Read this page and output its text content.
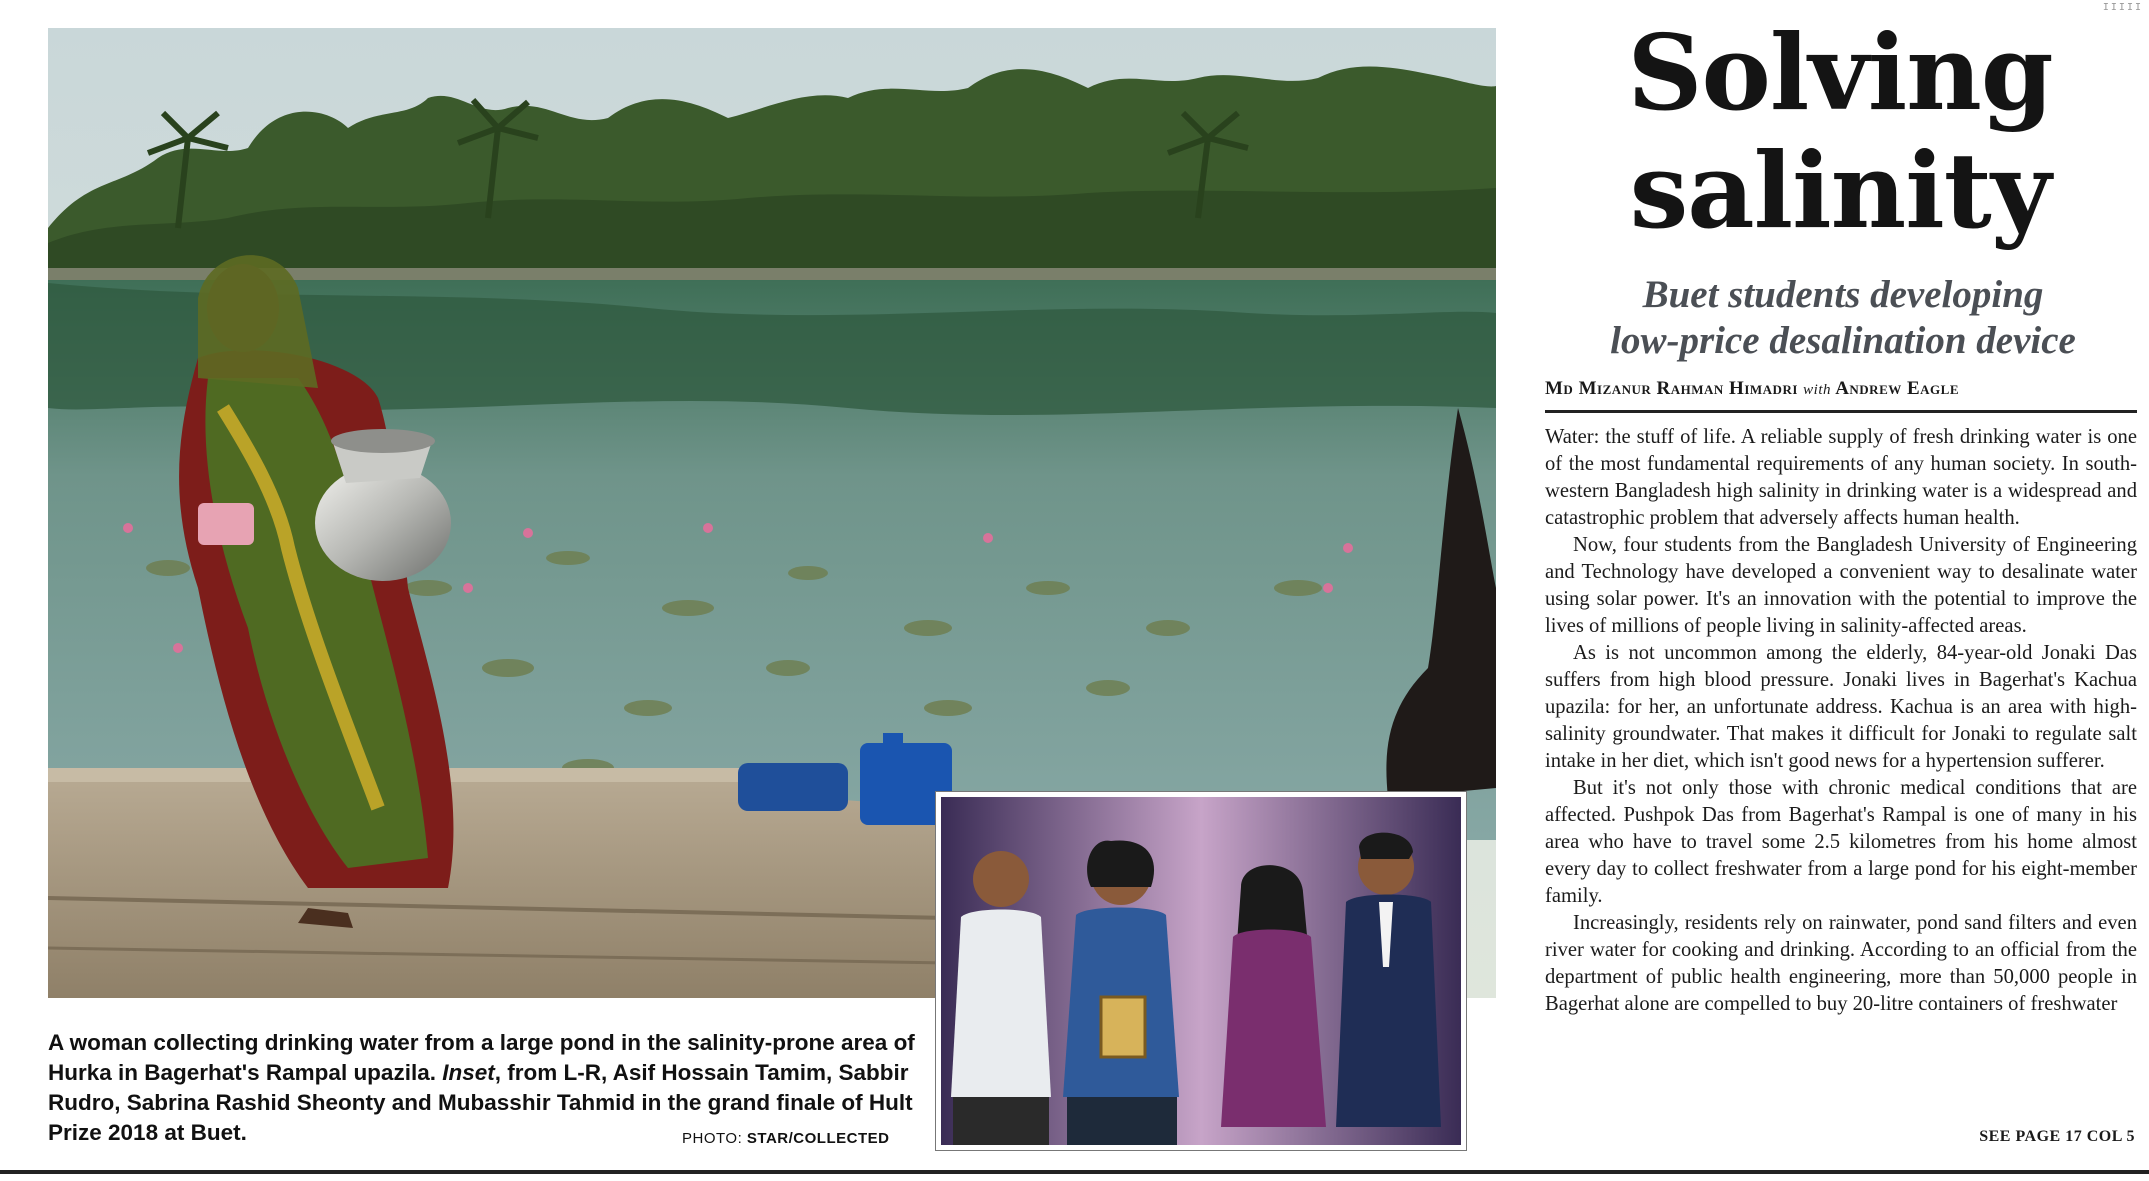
IIIII
A woman collecting drinking water from a large pond in the salinity-prone area of Hurka in Bagerhat's Rampal upazila. Inset, from L-R, Asif Hossain Tamim, Sabbir Rudro, Sabrina Rashid Sheonty and Mubasshir Tahmid in the grand finale of Hult Prize 2018 at Buet.	PHOTO: STAR/COLLECTED
Solving
salinity
Buet students developing
low-price desalination device
Md Mizanur Rahman Himadri with Andrew Eagle

Water: the stuff of life. A reliable supply of fresh drinking water is one of the most fundamental requirements of any human society. In south-western Bangladesh high salinity in drinking water is a widespread and catastrophic problem that adversely affects human health.

Now, four students from the Bangladesh University of Engineering and Technology have developed a convenient way to desalinate water using solar power. It's an innovation with the potential to improve the lives of millions of people living in salinity-affected areas.

As is not uncommon among the elderly, 84-year-old Jonaki Das suffers from high blood pressure. Jonaki lives in Bagerhat's Kachua upazila: for her, an unfortunate address. Kachua is an area with high-salinity groundwater. That makes it difficult for Jonaki to regulate salt intake in her diet, which isn't good news for a hypertension sufferer.

But it's not only those with chronic medical conditions that are affected. Pushpok Das from Bagerhat's Rampal is one of many in his area who have to travel some 2.5 kilometres from his home almost every day to collect freshwater from a large pond for his eight-member family.

Increasingly, residents rely on rainwater, pond sand filters and even river water for cooking and drinking. According to an official from the department of public health engineering, more than 50,000 people in Bagerhat alone are compelled to buy 20-litre containers of freshwater

SEE PAGE 17 COL 5
